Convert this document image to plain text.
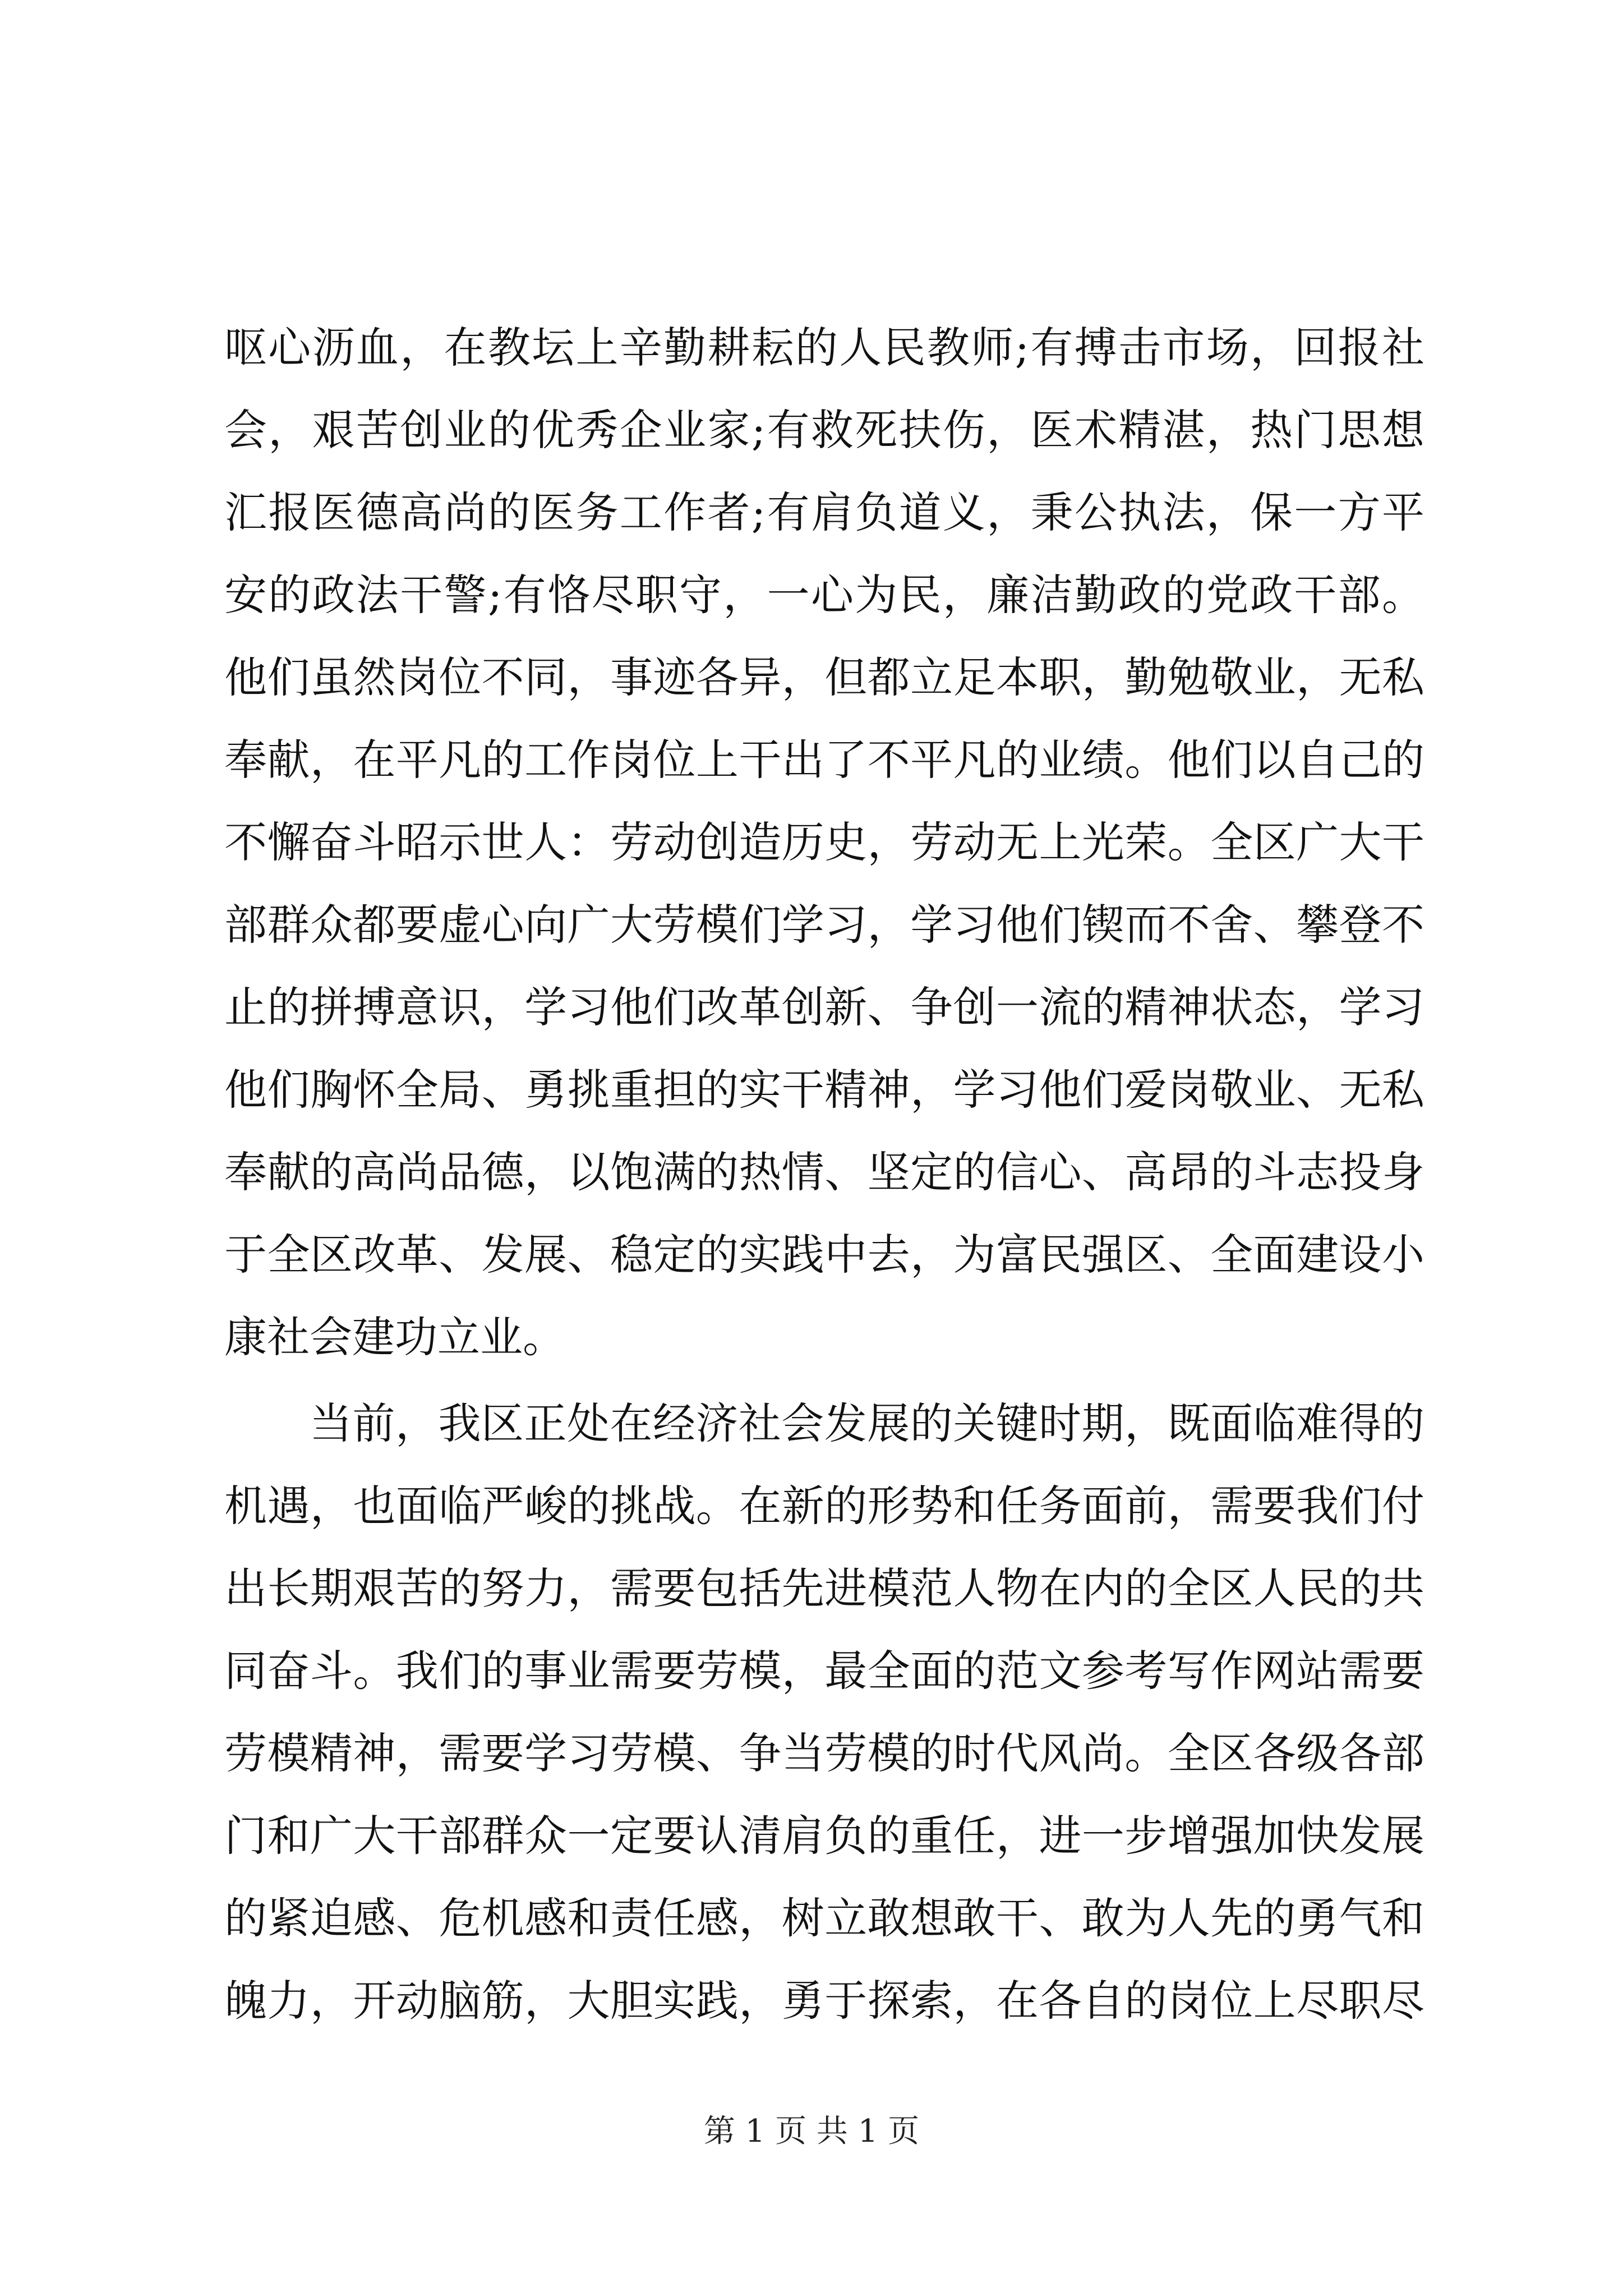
呕心沥血，在教坛上辛勤耕耘的人民教师;有搏击市场，回报社
会，艰苦创业的优秀企业家;有救死扶伤，医术精湛，热门思想
汇报医德高尚的医务工作者;有肩负道义，秉公执法，保一方平
安的政法干警;有恪尽职守，一心为民，廉洁勤政的党政干部。
他们虽然岗位不同，事迹各异，但都立足本职，勤勉敬业，无私
奉献，在平凡的工作岗位上干出了不平凡的业绩。他们以自己的
不懈奋斗昭示世人：劳动创造历史，劳动无上光荣。全区广大干
部群众都要虚心向广大劳模们学习，学习他们锲而不舍、攀登不
止的拼搏意识，学习他们改革创新、争创一流的精神状态，学习
他们胸怀全局、勇挑重担的实干精神，学习他们爱岗敬业、无私
奉献的高尚品德，以饱满的热情、坚定的信心、高昂的斗志投身
于全区改革、发展、稳定的实践中去，为富民强区、全面建设小
康社会建功立业。
当前，我区正处在经济社会发展的关键时期，既面临难得的
机遇，也面临严峻的挑战。在新的形势和任务面前，需要我们付
出长期艰苦的努力，需要包括先进模范人物在内的全区人民的共
同奋斗。我们的事业需要劳模，最全面的范文参考写作网站需要
劳模精神，需要学习劳模、争当劳模的时代风尚。全区各级各部
门和广大干部群众一定要认清肩负的重任，进一步增强加快发展
的紧迫感、危机感和责任感，树立敢想敢干、敢为人先的勇气和
魄力，开动脑筋，大胆实践，勇于探索，在各自的岗位上尽职尽
第 1 页 共 1 页
